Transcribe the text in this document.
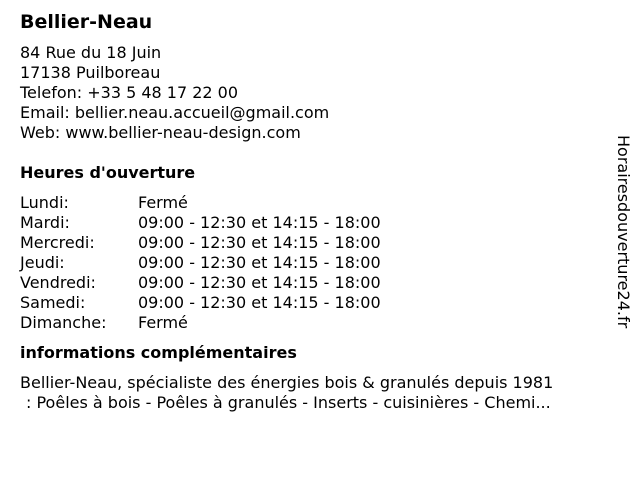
Bellier-Neau
84 Rue du 18 Juin
17138 Puilboreau
Telefon: +33 5 48 17 22 00
Email: bellier.neau.accueil@gmail.com
Web: www.bellier-neau-design.com
Heures d'ouverture
Lundi:	Fermé
Mardi:	09:00 - 12:30 et 14:15 - 18:00
Mercredi:	09:00 - 12:30 et 14:15 - 18:00
Jeudi:	09:00 - 12:30 et 14:15 - 18:00
Vendredi:	09:00 - 12:30 et 14:15 - 18:00
Samedi:	09:00 - 12:30 et 14:15 - 18:00
Dimanche: Fermé
informations complémentaires
Bellier-Neau, spécialiste des énergies bois & granulés depuis 1981
: Poêles à bois - Poêles à granulés - Inserts - cuisinières - Chemi...
Horairesdouverture24.fr
